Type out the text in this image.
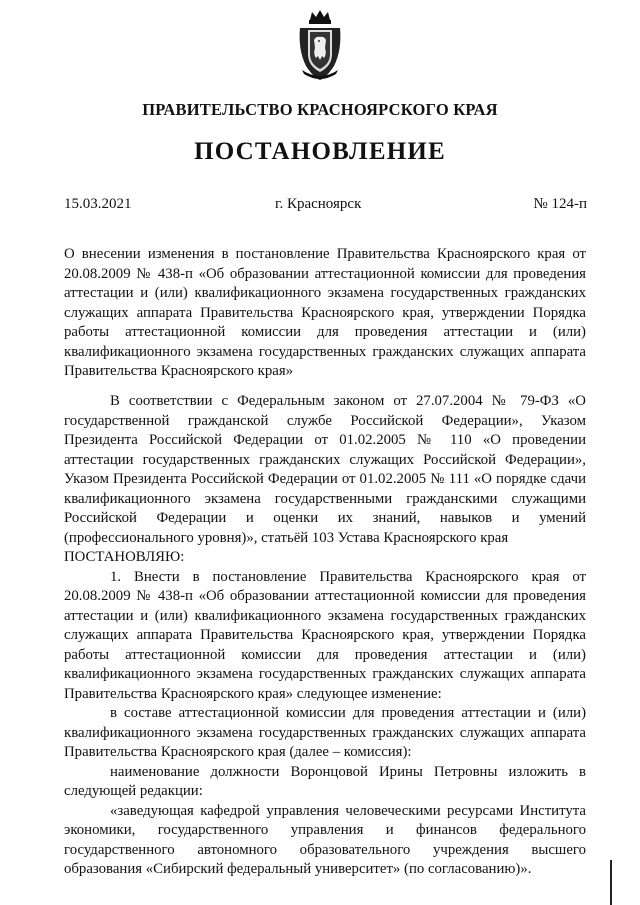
ПРАВИТЕЛЬСТВО КРАСНОЯРСКОГО КРАЯ
ПОСТАНОВЛЕНИЕ
15.03.2021	г. Красноярск	№ 124-п
О внесении изменения в постановление Правительства Красноярского края от 20.08.2009 № 438-п «Об образовании аттестационной комиссии для проведения аттестации и (или) квалификационного экзамена государственных гражданских служащих аппарата Правительства Красноярского края, утверждении Порядка работы аттестационной комиссии для проведения аттестации и (или) квалификационного экзамена государственных гражданских служащих аппарата Правительства Красноярского края»

В соответствии с Федеральным законом от 27.07.2004 № 79-ФЗ «О государственной гражданской службе Российской Федерации», Указом Президента Российской Федерации от 01.02.2005 № 110 «О проведении аттестации государственных гражданских служащих Российской Федерации», Указом Президента Российской Федерации от 01.02.2005 № 111 «О порядке сдачи квалификационного экзамена государственными гражданскими служащими Российской Федерации и оценки их знаний, навыков и умений (профессионального уровня)», статьёй 103 Устава Красноярского края

ПОСТАНОВЛЯЮ:

1. Внести в постановление Правительства Красноярского края от 20.08.2009 № 438-п «Об образовании аттестационной комиссии для проведения аттестации и (или) квалификационного экзамена государственных гражданских служащих аппарата Правительства Красноярского края, утверждении Порядка работы аттестационной комиссии для проведения аттестации и (или) квалификационного экзамена государственных гражданских служащих аппарата Правительства Красноярского края» следующее изменение:

в составе аттестационной комиссии для проведения аттестации и (или) квалификационного экзамена государственных гражданских служащих аппарата Правительства Красноярского края (далее – комиссия):

наименование должности Воронцовой Ирины Петровны изложить в следующей редакции:

«заведующая кафедрой управления человеческими ресурсами Института экономики, государственного управления и финансов федерального государственного автономного образовательного учреждения высшего образования «Сибирский федеральный университет» (по согласованию)».
